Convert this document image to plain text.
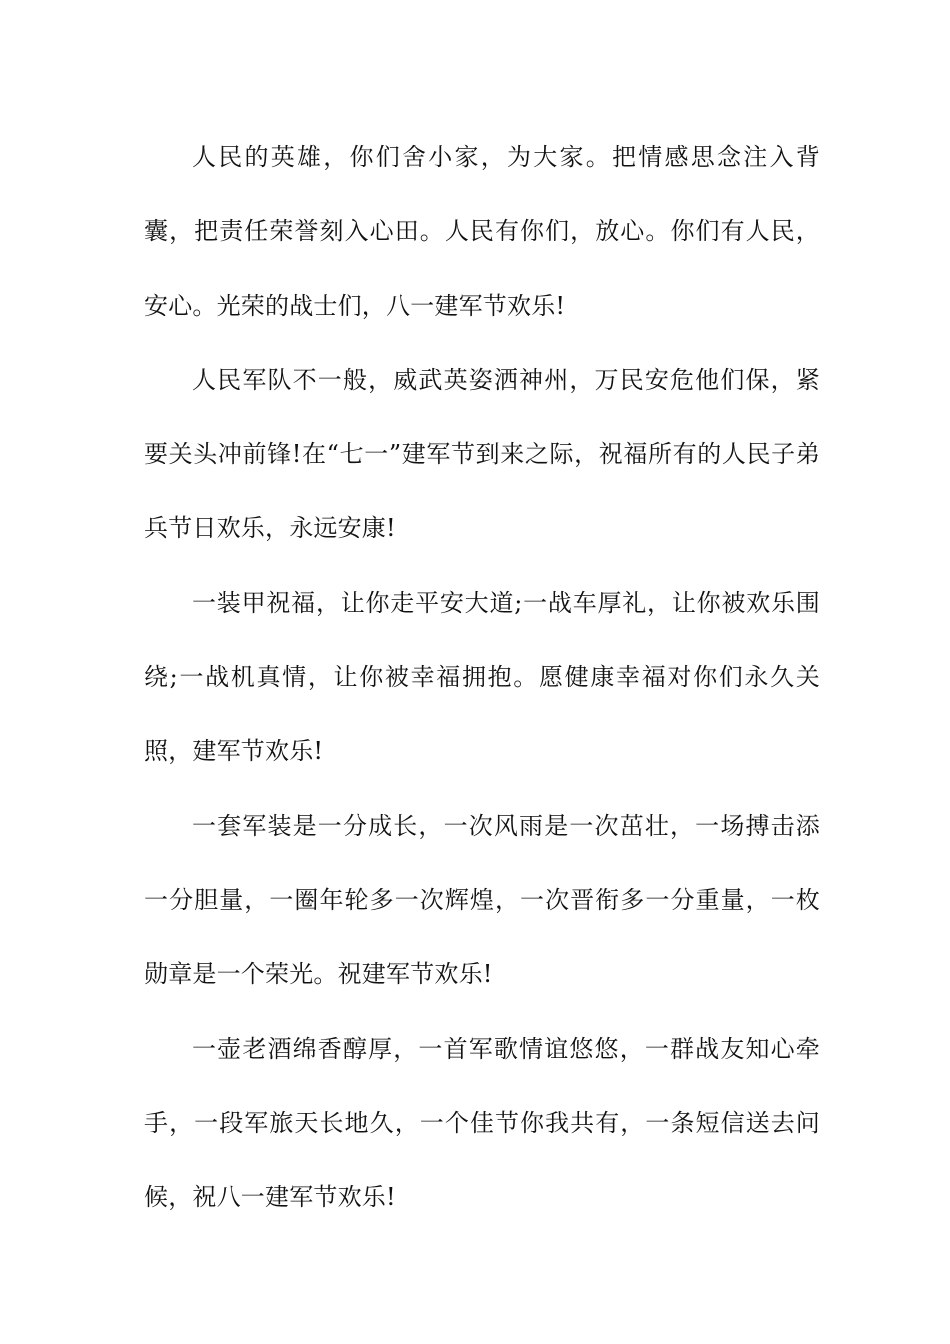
人民的英雄，你们舍小家，为大家。把情感思念注入背囊，把责任荣誉刻入心田。人民有你们，放心。你们有人民，安心。光荣的战士们，八一建军节欢乐!

人民军队不一般，威武英姿洒神州，万民安危他们保，紧要关头冲前锋!在“七一”建军节到来之际，祝福所有的人民子弟兵节日欢乐，永远安康!

一装甲祝福，让你走平安大道;一战车厚礼，让你被欢乐围绕;一战机真情，让你被幸福拥抱。愿健康幸福对你们永久关照，建军节欢乐!

一套军装是一分成长，一次风雨是一次茁壮，一场搏击添一分胆量，一圈年轮多一次辉煌，一次晋衔多一分重量，一枚勋章是一个荣光。祝建军节欢乐!

一壶老酒绵香醇厚，一首军歌情谊悠悠，一群战友知心牵手，一段军旅天长地久，一个佳节你我共有，一条短信送去问候，祝八一建军节欢乐!
